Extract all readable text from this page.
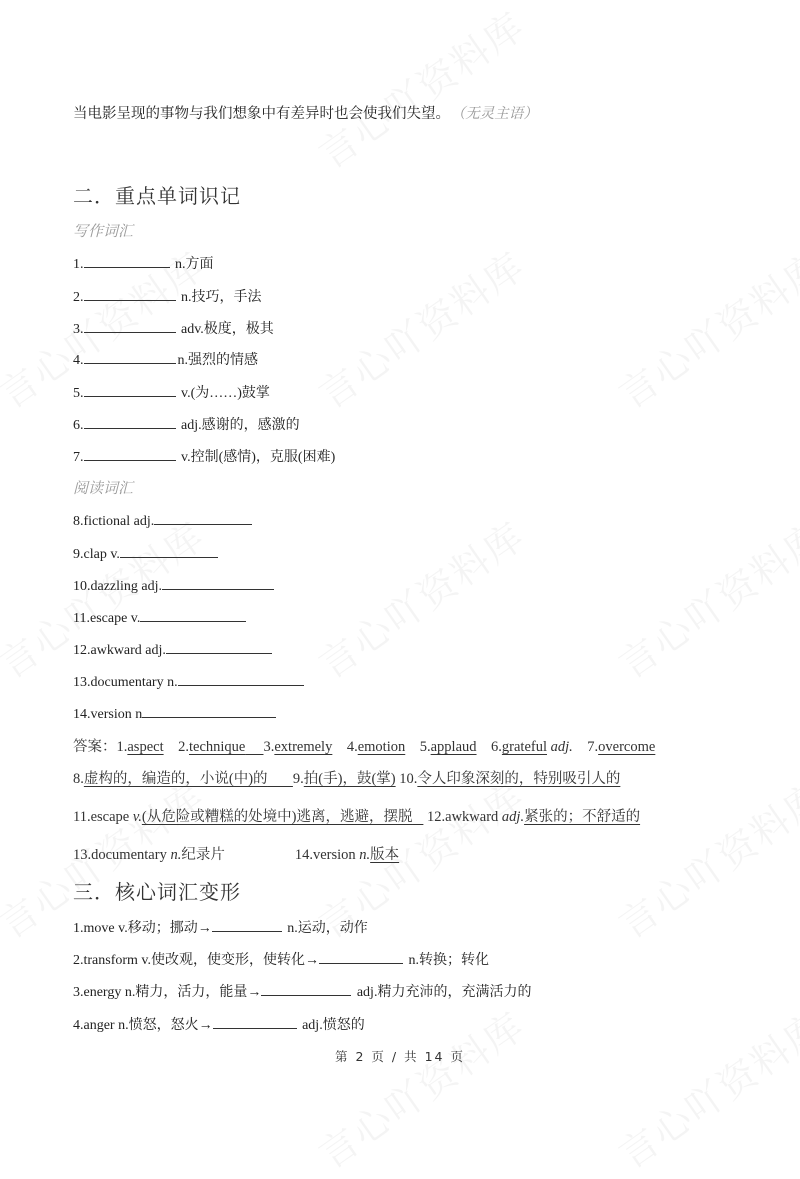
当电影呈现的事物与我们想象中有差异时也会使我们失望。 （无灵主语）
二．重点单词识记
写作词汇
1.	n.方面
2.	n.技巧，手法
3.	adv.极度，极其
4.	n.强烈的情感
5.	v.(为……)鼓掌
6.	adj.感谢的，感激的
7.	v.控制(感情)，克服(困难)
阅读词汇
8.fictional adj.
9.clap v.
10.dazzling adj.
11.escape v.
12.awkward adj.
13.documentary n.
14.version n
答案：1.aspect 2.technique 3.extremely 4.emotion 5.applaud 6.grateful adj. 7.overcome
8.虚构的，编造的，小说(中)的 9.拍(手)，鼓(掌) 10.令人印象深刻的，特别吸引人的
11.escape v.(从危险或糟糕的处境中)逃离，逃避，摆脱 12.awkward adj.紧张的；不舒适的
13.documentary n.纪录片	14.version n.版本
三．核心词汇变形
1.move v.移动；挪动→	n.运动，动作
2.transform v.使改观，使变形，使转化→	n.转换；转化
3.energy n.精力，活力，能量→	adj.精力充沛的，充满活力的
4.anger n.愤怒，怒火→	adj.愤怒的
第 2 页 / 共 14 页
